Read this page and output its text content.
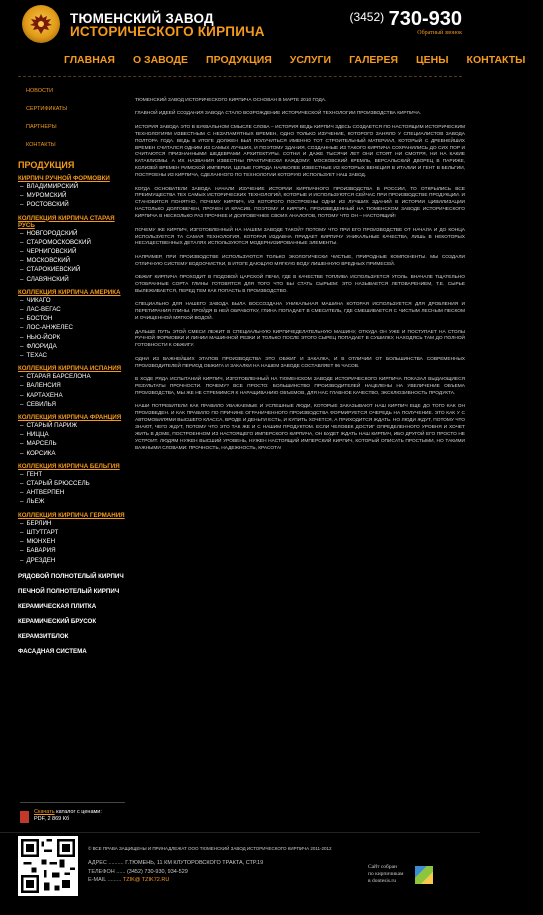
ТЮМЕНСКИЙ ЗАВОД
ИСТОРИЧЕСКОГО КИРПИЧА
$^{(3452)}$ 730-930
Обратный звонок
ГЛАВНАЯ О ЗАВОДЕ ПРОДУКЦИЯ УСЛУГИ ГАЛЕРЕЯ ЦЕНЫ КОНТАКТЫ
НОВОСТИ
СЕРТИФИКАТЫ
ПАРТНЕРЫ
КОНТАКТЫ
ПРОДУКЦИЯ
КИРПИЧ РУЧНОЙ ФОРМОВКИ
– ВЛАДИМИРСКИЙ
– МУРОМСКИЙ
– РОСТОВСКИЙ
КОЛЛЕКЦИЯ КИРПИЧА СТАРАЯ РУСЬ
– НОВГОРОДСКИЙ
– СТАРОМОСКОВСКИЙ
– ЧЕРНИГОВСКИЙ
– МОСКОВСКИЙ
– СТАРОКИЕВСКИЙ
– СЛАВЯНСКИЙ
КОЛЛЕКЦИЯ КИРПИЧА АМЕРИКА
– ЧИКАГО
– ЛАС-ВЕГАС
– БОСТОН
– ЛОС-АНЖЕЛЕС
– НЬЮ-ЙОРК
– ФЛОРИДА
– ТЕХАС
КОЛЛЕКЦИЯ КИРПИЧА ИСПАНИЯ
– СТАРАЯ БАРСЕЛОНА
– ВАЛЕНСИЯ
– КАРТАХЕНА
– СЕВИЛЬЯ
КОЛЛЕКЦИЯ КИРПИЧА ФРАНЦИЯ
– СТАРЫЙ ПАРИЖ
– НИЦЦА
– МАРСЕЛЬ
– КОРСИКА
КОЛЛЕКЦИЯ КИРПИЧА БЕЛЬГИЯ
– ГЕНТ
– СТАРЫЙ БРЮССЕЛЬ
– АНТВЕРПЕН
– ЛЬЕЖ
КОЛЛЕКЦИЯ КИРПИЧА ГЕРМАНИЯ
– БЕРЛИН
– ШТУТГАРТ
– МЮНХЕН
– БАВАРИЯ
– ДРЕЗДЕН
РЯДОВОЙ ПОЛНОТЕЛЫЙ КИРПИЧ
ПЕЧНОЙ ПОЛНОТЕЛЫЙ КИРПИЧ
КЕРАМИЧЕСКАЯ ПЛИТКА
КЕРАМИЧЕСКИЙ БРУСОК
КЕРАМЗИТБЛОК
ФАСАДНАЯ СИСТЕМА
Скачать каталог с ценами:
PDF, 2 869 Кб

ТЮМЕНСКИЙ ЗАВОД ИСТОРИЧЕСКОГО КИРПИЧА ОСНОВАН В МАРТЕ 2010 ГОДА.

ГЛАВНОЙ ИДЕЕЙ СОЗДАНИЯ ЗАВОДА СТАЛО ВОЗРОЖДЕНИЕ ИСТОРИЧЕСКОЙ ТЕХНОЛОГИИ ПРОИЗВОДСТВА КИРПИЧА.

ИСТОРИЯ ЗАВОДА ЭТО В БУКВАЛЬНОМ СМЫСЛЕ СЛОВА – ИСТОРИЯ ВЕДЬ КИРПИЧ ЗДЕСЬ СОЗДАЕТСЯ ПО НАСТОЯЩИМ ИСТОРИЧЕСКИМ ТЕХНОЛОГИЯМ ИЗВЕСТНЫМ С НЕЗАПАМЯТНЫХ ВРЕМЕН, ОДНО ТОЛЬКО ИЗУЧЕНИЕ, КОТОРОГО ЗАНЯЛО У СПЕЦИАЛИСТОВ ЗАВОДА ПОЛТОРА ГОДА. ВЕДЬ В ИТОГЕ ДОЛЖЕН БЫЛ ПОЛУЧИТЬСЯ ИМЕННО ТОТ СТРОИТЕЛЬНЫЙ МАТЕРИАЛ, КОТОРЫЙ С ДРЕВНЕЙШИХ ВРЕМЕН СЧИТАЛСЯ ОДНИМ ИЗ САМЫХ ЛУЧШИХ, И ПОЭТОМУ ЗДАНИЯ, СОЗДАННЫЕ ИЗ ТАКОГО КИРПИЧА СОХРАНИЛИСЬ ДО СИХ ПОР И СЧИТАЮТСЯ ПРИЗНАННЫМИ ШЕДЕВРАМИ АРХИТЕКТУРЫ. СОТНИ И ДАЖЕ ТЫСЯЧИ ЛЕТ ОНИ СТОЯТ НИ СМОТРЯ, НИ НА КАКИЕ КАТАКЛИЗМЫ. А ИХ НАЗВАНИЯ ИЗВЕСТНЫ ПРАКТИЧЕСКИ КАЖДОМУ: МОСКОВСКИЙ КРЕМЛЬ, ВЕРСАЛЬСКИЙ ДВОРЕЦ В ПАРИЖЕ, КОЛИЗЕЙ ВРЕМЕН РИМСКОЙ ИМПЕРИИ, ЦЕЛЫЕ ГОРОДА НАИБОЛЕЕ ИЗВЕСТНЫЕ ИЗ КОТОРЫХ ВЕНЕЦИЯ В ИТАЛИИ И ГЕНТ В БЕЛЬГИИ, ПОСТРОЕНЫ ИЗ КИРПИЧА, СДЕЛАННОГО ПО ТЕХНОЛОГИИ КОТОРУЮ ИСПОЛЬЗУЕТ НАШ ЗАВОД.

КОГДА ОСНОВАТЕЛИ ЗАВОДА НАЧАЛИ ИЗУЧЕНИЕ ИСТОРИИ КИРПИЧНОГО ПРОИЗВОДСТВА В РОССИИ, ТО ОТКРЫЛИСЬ ВСЕ ПРЕИМУЩЕСТВА ТЕХ САМЫХ ИСТОРИЧЕСКИХ ТЕХНОЛОГИЙ, КОТОРЫЕ И ИСПОЛЬЗУЮТСЯ СЕЙЧАС ПРИ ПРОИЗВОДСТВЕ ПРОДУКЦИИ. И СТАНОВИТСЯ ПОНЯТНО, ПОЧЕМУ КИРПИЧ, ИЗ КОТОРОГО ПОСТРОЕНЫ ОДНИ ИЗ ЛУЧШИХ ЗДАНИЙ В ИСТОРИИ ЦИВИЛИЗАЦИИ НАСТОЛЬКО ДОЛГОВЕЧЕН, ПРОЧЕН И КРАСИВ. ПОЭТОМУ И КИРПИЧ, ПРОИЗВЕДЕННЫЙ НА ТЮМЕНСКОМ ЗАВОДЕ ИСТОРИЧЕСКОГО КИРПИЧА В НЕСКОЛЬКО РАЗ ПРОЧНЕЕ И ДОЛГОВЕЧНЕЕ СВОИХ АНАЛОГОВ, ПОТОМУ ЧТО ОН – НАСТОЯЩИЙ!

ПОЧЕМУ ЖЕ КИРПИЧ, ИЗГОТОВЛЕННЫЙ НА НАШЕМ ЗАВОДЕ ТАКОЙ? ПОТОМУ ЧТО ПРИ ЕГО ПРОИЗВОДСТВЕ ОТ НАЧАЛА И ДО КОНЦА ИСПОЛЬЗУЕТСЯ ТА САМАЯ ТЕХНОЛОГИЯ, КОТОРАЯ ИЗДАВНА ПРИДАЕТ КИРПИЧУ УНИКАЛЬНЫЕ КАЧЕСТВА, ЛИШЬ В НЕКОТОРЫХ НЕСУЩЕСТВЕННЫХ ДЕТАЛЯХ ИСПОЛЬЗУЮТСЯ МОДЕРНИЗИРОВАННЫЕ ЭЛЕМЕНТЫ.

НАПРИМЕР, ПРИ ПРОИЗВОДСТВЕ ИСПОЛЬЗУЮТСЯ ТОЛЬКО ЭКОЛОГИЧЕСКИ ЧИСТЫЕ, ПРИРОДНЫЕ КОМПОНЕНТЫ. МЫ СОЗДАЛИ ОТЛИЧНУЮ СИСТЕМУ ВОДООЧИСТКИ, В ИТОГЕ ДАЮЩУЮ МЯГКУЮ ВОДУ ЛИШЕННУЮ ВРЕДНЫХ ПРИМЕСЕЙ.

ОБЖИГ КИРПИЧА ПРОХОДИТ В ПОДОВОЙ ЦАРСКОЙ ПЕЧИ, ГДЕ В КАЧЕСТВЕ ТОПЛИВА ИСПОЛЬЗУЕТСЯ УГОЛЬ. ВНАЧАЛЕ ТЩАТЕЛЬНО ОТОБРАННЫЕ СОРТА ГЛИНЫ ГОТОВЯТСЯ ДЛЯ ТОГО ЧТО БЫ СТАТЬ СЫРЬЕМ: ЭТО НАЗЫВАЕТСЯ ЛЕТОВАРЕНИЕМ, Т.Е. СЫРЬЕ ВЫЛЕЖИВАЕТСЯ, ПЕРЕД ТЕМ КАК ПОПАСТЬ В ПРОИЗВОДСТВО.

СПЕЦИАЛЬНО ДЛЯ НАШЕГО ЗАВОДА БЫЛА ВОССОЗДАНА УНИКАЛЬНАЯ МАШИНА КОТОРАЯ ИСПОЛЬЗУЕТСЯ ДЛЯ ДРОБЛЕНИЯ И ПЕРЕТИРАНИЯ ГЛИНЫ. ПРОЙДЯ В НЕЙ ОБРАБОТКУ, ГЛИНА ПОПАДАЕТ В СМЕСИТЕЛЬ, ГДЕ СМЕШИВАЕТСЯ С ЧИСТЫМ ЛЕСНЫМ ПЕСКОМ И ОЧИЩЕННОЙ МЯГКОЙ ВОДОЙ.

ДАЛЬШЕ ПУТЬ ЭТОЙ СМЕСИ ЛЕЖИТ В СПЕЦИАЛЬНУЮ КИРПИЧЕДЕЛАТЕЛЬНУЮ МАШИНУ, ОТКУДА ОН УЖЕ И ПОСТУПАЕТ НА СТОЛЫ РУЧНОЙ ФОРМОВКИ И ЛИНИИ МАШИННОЙ РЕЗКИ И ТОЛЬКО ПОСЛЕ ЭТОГО СЫРЕЦ ПОПАДАЕТ В СУШИЛКУ, НАХОДЯСЬ ТАМ ДО ПОЛНОЙ ГОТОВНОСТИ К ОБЖИГУ.

ОДНИ ИЗ ВАЖНЕЙШИХ ЭТАПОВ ПРОИЗВОДСТВА ЭТО ОБЖИГ И ЗАКАЛКА, И В ОТЛИЧИИ ОТ БОЛЬШИНСТВА СОВРЕМЕННЫХ ПРОИЗВОДИТЕЛЕЙ ПЕРИОД ОБЖИГА И ЗАКАЛКИ НА НАШЕМ ЗАВОДЕ СОСТАВЛЯЕТ 96 ЧАСОВ.

В ХОДЕ РЯДА ИСПЫТАНИЙ КИРПИЧ, ИЗГОТОВЛЕННЫЙ НА ТЮМЕНСКОМ ЗАВОДЕ ИСТОРИЧЕСКОГО КИРПИЧА ПОКАЗАЛ ВЫДАЮЩИЕСЯ РЕЗУЛЬТАТЫ ПРОЧНОСТИ. ПОЧЕМУ? ВСЕ ПРОСТО: БОЛЬШИНСТВО ПРОИЗВОДИТЕЛЕЙ НАЦЕЛЕНЫ НА УВЕЛИЧЕНИЕ ОБЪЕМА ПРОИЗВОДСТВА, МЫ ЖЕ НЕ СТРЕМИМСЯ К НАРАЩИВАНИЮ ОБЪЕМОВ, ДЛЯ НАС ГЛАВНОЕ КАЧЕСТВО, ЭКСКЛЮЗИВНОСТЬ ПРОДУКТА.

НАШИ ПОТРЕБИТЕЛИ КАК ПРАВИЛО УВАЖАЕМЫЕ И УСПЕШНЫЕ ЛЮДИ, КОТОРЫЕ ЗАКАЗЫВАЮТ НАШ КИРПИЧ ЕЩЕ ДО ТОГО КАК ОН ПРОИЗВЕДЕН. И КАК ПРАВИЛО ПО ПРИЧИНЕ ОГРАНИЧЕННОГО ПРОИЗВОДСТВА ФОРМИРУЕТСЯ ОЧЕРЕДЬ НА ПОЛУЧЕНИЕ. ЭТО КАК У С АВТОМОБИЛЯМИ ВЫСШЕГО КЛАССА, ВРОДЕ И ДЕНЬГИ ЕСТЬ, И КУПИТЬ ХОЧЕТСЯ, А ПРИХОДИТСЯ ЖДАТЬ. НО ЛЮДИ ЖДУТ, ПОТОМУ ЧТО ЗНАЮТ, ЧЕГО ЖДУТ, ПОТОМУ ЧТО ЭТО ТАК ЖЕ И С НАШИМ ПРОДУКТОМ. ЕСЛИ ЧЕЛОВЕК ДОСТИГ ОПРЕДЕЛЕННОГО УРОВНЯ И ХОЧЕТ ЖИТЬ В ДОМЕ, ПОСТРОЕННОМ ИЗ НАСТОЯЩЕГО ИМПЕРСКОГО КИРПИЧА, ОН БУДЕТ ЖДАТЬ НАШ КИРПИЧ, ИБО ДРУГОЙ ЕГО ПРОСТО НЕ УСТРОИТ. ЛЮДЯМ НУЖЕН ВЫСШИЙ УРОВЕНЬ, НУЖЕН НАСТОЯЩИЙ ИМПЕРСКИЙ КИРПИЧ, КОТОРЫЙ ОПИСАТЬ ПРОСТЫМИ, НО ТАКИМИ ВАЖНЫМИ СЛОВАМИ: ПРОЧНОСТЬ, НАДЕЖНОСТЬ, КРАСОТА!

© ВСЕ ПРАВА ЗАЩИЩЕНЫ И ПРИНАДЛЕЖАТ ООО ТЮМЕНСКИЙ ЗАВОД ИСТОРИЧЕСКОГО КИРПИЧА 2011-2012
АДРЕС .......... Г.ТЮМЕНЬ, 11 КМ КЛУТОРОВСКОГО ТРАКТА, СТР.19
ТЕЛЕФОН ...... (3452) 730-930, 934-529
E-MAIL ......... TZIK@ TZIK72.RU
Сайт собран
по кирпичикам
в dontesis.ru
